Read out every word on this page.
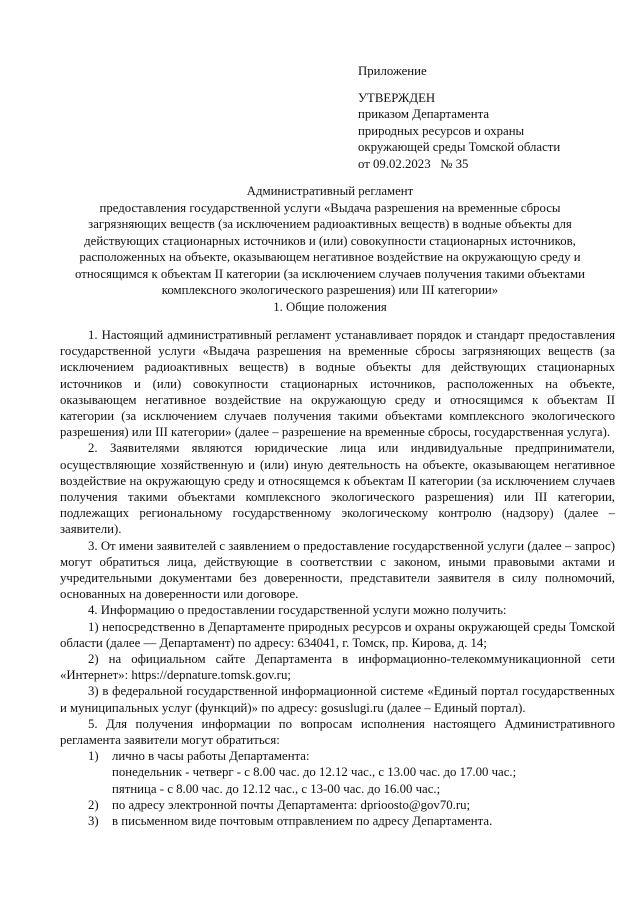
Приложение
УТВЕРЖДЕН
приказом Департамента
природных ресурсов и охраны
окружающей среды Томской области
от 09.02.2023   № 35
Административный регламент
предоставления государственной услуги «Выдача разрешения на временные сбросы загрязняющих веществ (за исключением радиоактивных веществ) в водные объекты для действующих стационарных источников и (или) совокупности стационарных источников, расположенных на объекте, оказывающем негативное воздействие на окружающую среду и относящимся к объектам II категории (за исключением случаев получения такими объектами комплексного экологического разрешения) или III категории»
1. Общие положения

1. Настоящий административный регламент устанавливает порядок и стандарт предоставления государственной услуги «Выдача разрешения на временные сбросы загрязняющих веществ (за исключением радиоактивных веществ) в водные объекты для действующих стационарных источников и (или) совокупности стационарных источников, расположенных на объекте, оказывающем негативное воздействие на окружающую среду и относящимся к объектам II категории (за исключением случаев получения такими объектами комплексного экологического разрешения) или III категории» (далее – разрешение на временные сбросы, государственная услуга).

2. Заявителями являются юридические лица или индивидуальные предприниматели, осуществляющие хозяйственную и (или) иную деятельность на объекте, оказывающем негативное воздействие на окружающую среду и относящемся к объектам II категории (за исключением случаев получения такими объектами комплексного экологического разрешения) или III категории, подлежащих региональному государственному экологическому контролю (надзору) (далее – заявители).

3. От имени заявителей с заявлением о предоставление государственной услуги (далее – запрос) могут обратиться лица, действующие в соответствии с законом, иными правовыми актами и учредительными документами без доверенности, представители заявителя в силу полномочий, основанных на доверенности или договоре.

4. Информацию о предоставлении государственной услуги можно получить:

1) непосредственно в Департаменте природных ресурсов и охраны окружающей среды Томской области (далее — Департамент) по адресу: 634041, г. Томск, пр. Кирова, д. 14;

2) на официальном сайте Департамента в информационно-телекоммуникационной сети «Интернет»: https://depnature.tomsk.gov.ru;

3) в федеральной государственной информационной системе «Единый портал государственных и муниципальных услуг (функций)» по адресу: gosuslugi.ru (далее – Единый портал).

5. Для получения информации по вопросам исполнения настоящего Административного регламента заявители могут обратиться:

1) лично в часы работы Департамента:

понедельник - четверг - с 8.00 час. до 12.12 час., с 13.00 час. до 17.00 час.;

пятница - с 8.00 час. до 12.12 час., с 13-00 час. до 16.00 час.;

2) по адресу электронной почты Департамента: dprioosto@gov70.ru;

3) в письменном виде почтовым отправлением по адресу Департамента.
